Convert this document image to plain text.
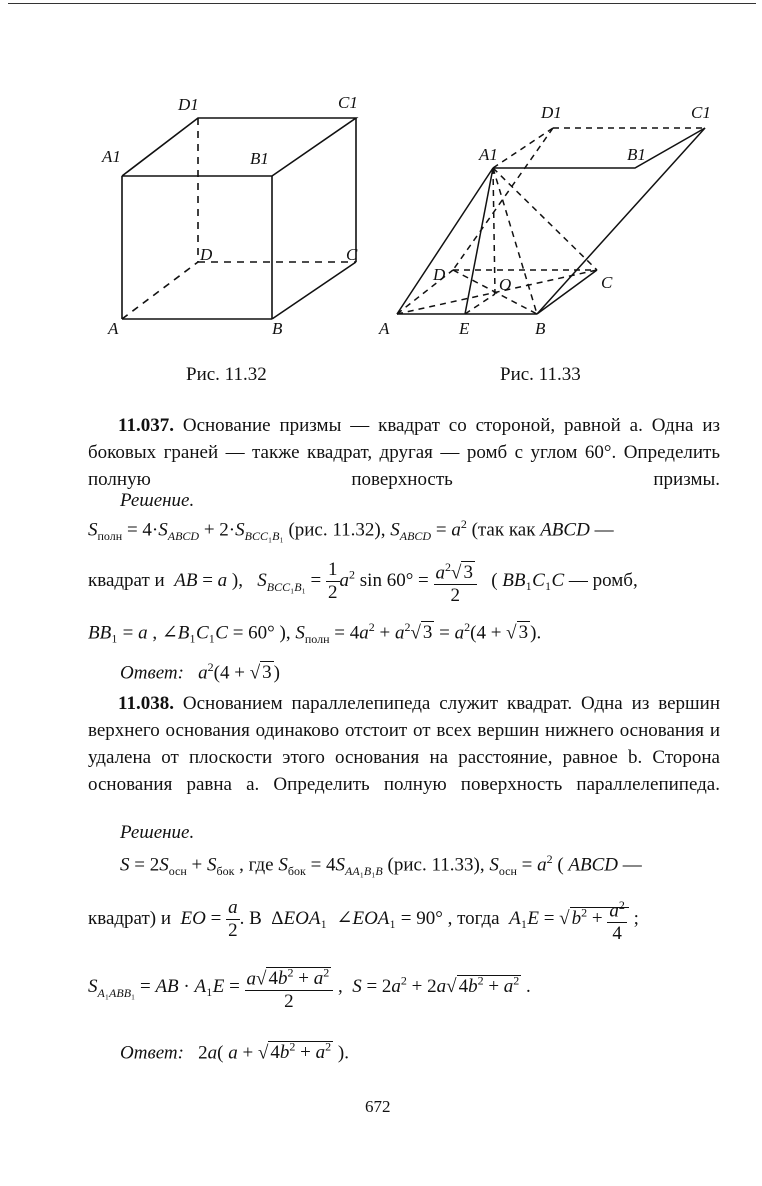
D1	C1
A1	B1
D	C
A	B
D1	C1
A1	B1
D
O	C
A	E	B
Рис. 11.32	Рис. 11.33

11.037. Основание призмы — квадрат со стороной, равной a. Одна из боковых граней — также квадрат, другая — ромб с углом 60°. Определить полную поверхность призмы.

Решение.
$S_{полн} = 4\cdot S_{ABCD} + 2\cdot S_{BCC_1B_1}$ (рис. 11.32), $S_{ABCD} = a^2$ (так как ABCD —
квадрат и  AB = a ),   $S_{BCC_1B_1} = \frac{1}{2} a^2$ $\sin 60^\circ = \frac{a^2√ 3}{2}$ ( BB₁C₁C — ромб,
BB₁ = a , ∠B₁C₁C = 60° ), $S_{полн} = 4a^2 + a^2√$ $3 = a^2(4$ + √ 3 ).
Ответ: $a^2(4$ + √ 3 )

11.038. Основанием параллелепипеда служит квадрат. Одна из вершин верхнего основания одинаково отстоит от всех вершин нижнего основания и удалена от плоскости этого основания на расстояние, равное b. Сторона основания равна a. Определить полную поверхность параллелепипеда.

Решение.
$S = 2S_{осн} + S_{бок}$ , где $S_{бок} = 4S_{AA_1B_1B}$ (рис. 11.33), $S_{осн} = a^2$ ( ABCD —
квадрат) и  EO = $\frac{a}{2}$ . В  ΔEOA₁  ∠EOA₁ = 90° , тогда  A₁E = √ $b^2 + \frac{a^2}{4}$ ;
$S_{A_1ABB_1}$ = AB · $A_1E = \frac{a√ 4b^2 + a^2}{2}$ ,  $S = 2a^2 + 2a√$ $4b^2 + a^2$ .
Ответ:   2a( a + √ $4b^2 + a^2$ ).
672
